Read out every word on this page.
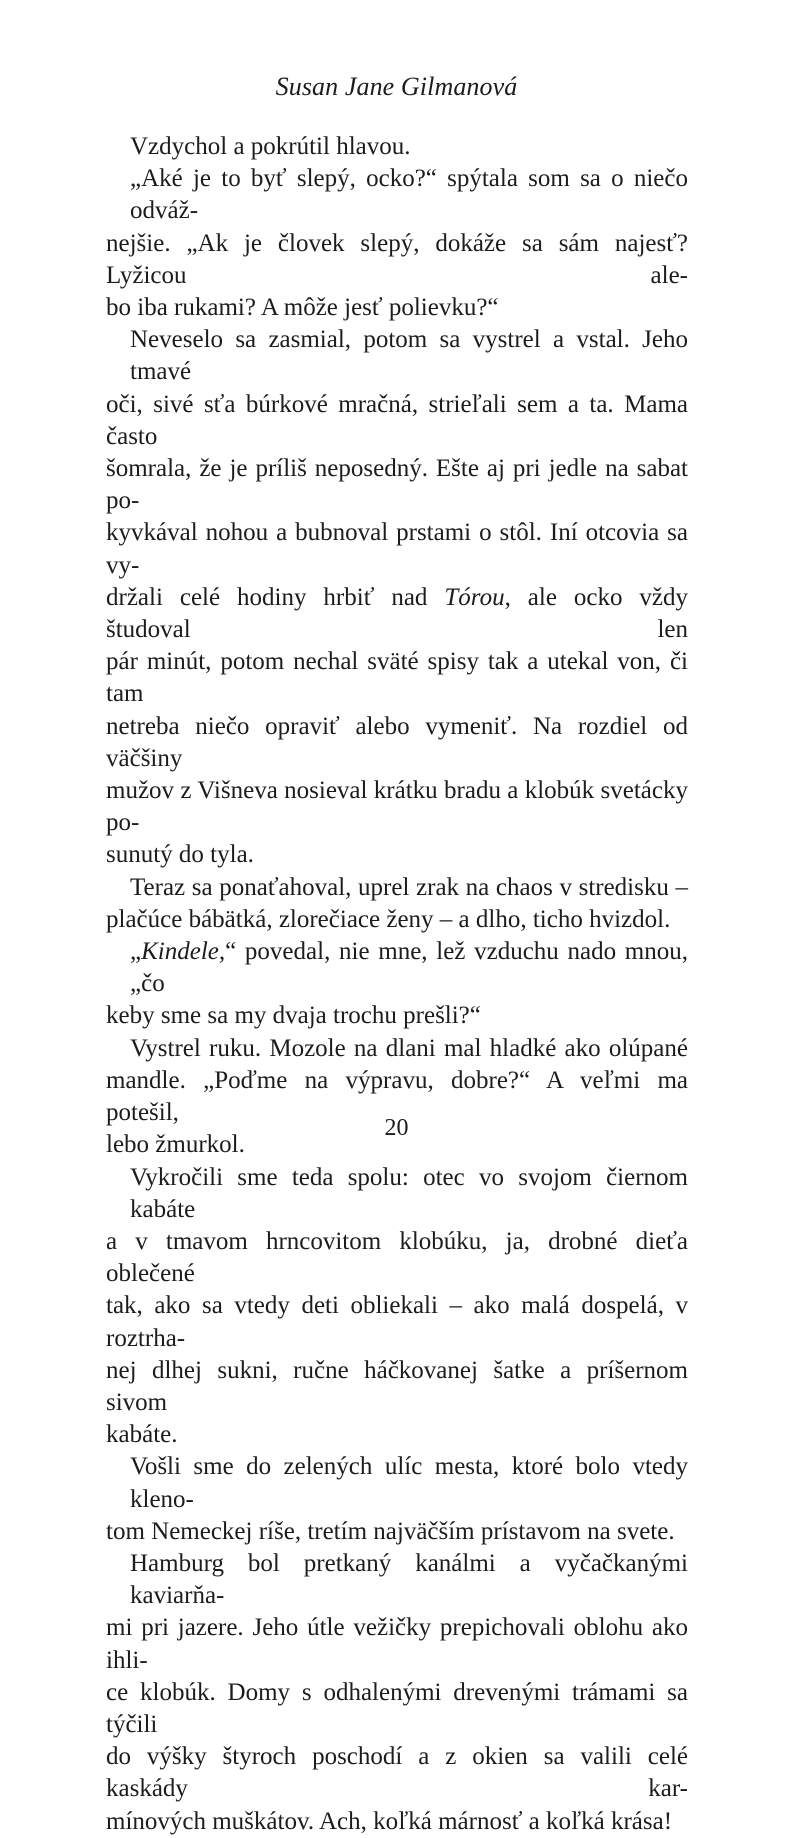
Susan Jane Gilmanová
Vzdychol a pokrútil hlavou.
„Aké je to byť slepý, ocko?“ spýtala som sa o niečo odváž-
nejšie. „Ak je človek slepý, dokáže sa sám najesť? Lyžicou ale-
bo iba rukami? A môže jesť polievku?“
Neveselo sa zasmial, potom sa vystrel a vstal. Jeho tmavé
oči, sivé sťa búrkové mračná, strieľali sem a ta. Mama často
šomrala, že je príliš neposedný. Ešte aj pri jedle na sabat po-
kyvkával nohou a bubnoval prstami o stôl. Iní otcovia sa vy-
držali celé hodiny hrbiť nad Tórou, ale ocko vždy študoval len
pár minút, potom nechal sväté spisy tak a utekal von, či tam
netreba niečo opraviť alebo vymeniť. Na rozdiel od väčšiny
mužov z Višneva nosieval krátku bradu a klobúk svetácky po-
sunutý do tyla.
Teraz sa ponaťahoval, uprel zrak na chaos v stredisku –
plačúce bábätká, zlorečiace ženy – a dlho, ticho hvizdol.
„Kindele,“ povedal, nie mne, lež vzduchu nado mnou, „čo
keby sme sa my dvaja trochu prešli?“
Vystrel ruku. Mozole na dlani mal hladké ako olúpané
mandle. „Poďme na výpravu, dobre?“ A veľmi ma potešil,
lebo žmurkol.
Vykročili sme teda spolu: otec vo svojom čiernom kabáte
a v tmavom hrncovitom klobúku, ja, drobné dieťa oblečené
tak, ako sa vtedy deti obliekali – ako malá dospelá, v roztrha-
nej dlhej sukni, ručne háčkovanej šatke a príšernom sivom
kabáte.
Vošli sme do zelených ulíc mesta, ktoré bolo vtedy kleno-
tom Nemeckej ríše, tretím najväčším prístavom na svete.
Hamburg bol pretkaný kanálmi a vyčačkanými kaviarňa-
mi pri jazere. Jeho útle vežičky prepichovali oblohu ako ihli-
ce klobúk. Domy s odhalenými drevenými trámami sa týčili
do výšky štyroch poschodí a z okien sa valili celé kaskády kar-
mínových muškátov. Ach, koľká márnosť a koľká krása!
20
